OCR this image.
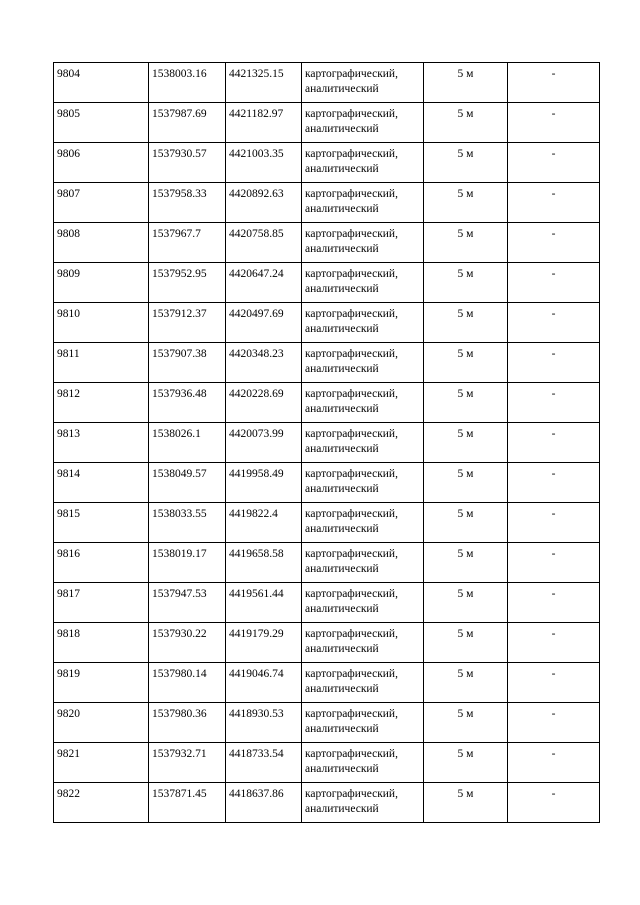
9804	1538003.16	4421325.15	картографический, аналитический	5 м	-
9805	1537987.69	4421182.97	картографический, аналитический	5 м	-
9806	1537930.57	4421003.35	картографический, аналитический	5 м	-
9807	1537958.33	4420892.63	картографический, аналитический	5 м	-
9808	1537967.7	4420758.85	картографический, аналитический	5 м	-
9809	1537952.95	4420647.24	картографический, аналитический	5 м	-
9810	1537912.37	4420497.69	картографический, аналитический	5 м	-
9811	1537907.38	4420348.23	картографический, аналитический	5 м	-
9812	1537936.48	4420228.69	картографический, аналитический	5 м	-
9813	1538026.1	4420073.99	картографический, аналитический	5 м	-
9814	1538049.57	4419958.49	картографический, аналитический	5 м	-
9815	1538033.55	4419822.4	картографический, аналитический	5 м	-
9816	1538019.17	4419658.58	картографический, аналитический	5 м	-
9817	1537947.53	4419561.44	картографический, аналитический	5 м	-
9818	1537930.22	4419179.29	картографический, аналитический	5 м	-
9819	1537980.14	4419046.74	картографический, аналитический	5 м	-
9820	1537980.36	4418930.53	картографический, аналитический	5 м	-
9821	1537932.71	4418733.54	картографический, аналитический	5 м	-
9822	1537871.45	4418637.86	картографический, аналитический	5 м	-
